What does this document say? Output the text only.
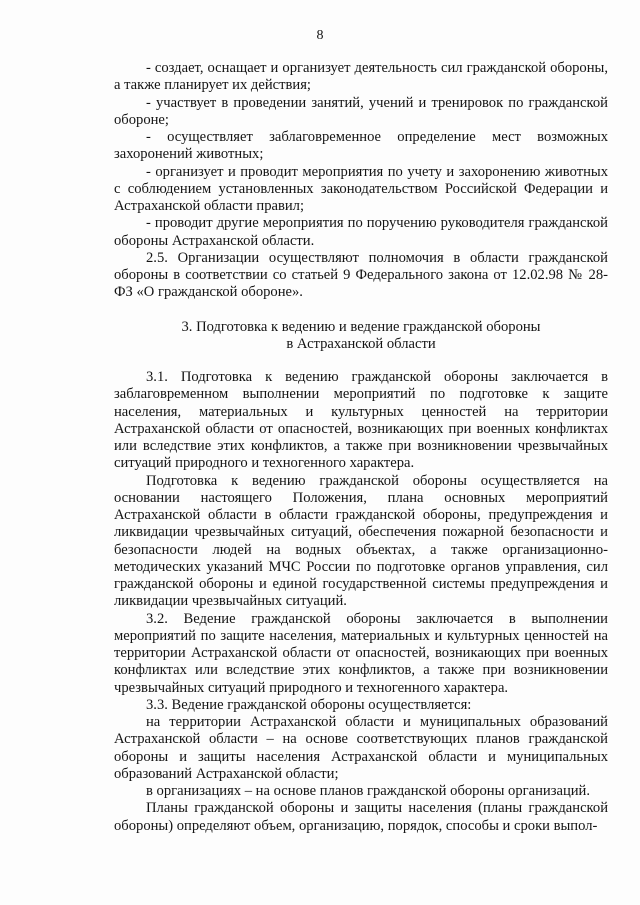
8

- создает, оснащает и организует деятельность сил гражданской обороны, а также планирует их действия;

- участвует в проведении занятий, учений и тренировок по гражданской обороне;

- осуществляет заблаговременное определение мест возможных захоронений животных;

- организует и проводит мероприятия по учету и захоронению животных с соблюдением установленных законодательством Российской Федерации и Астраханской области правил;

- проводит другие мероприятия по поручению руководителя гражданской обороны Астраханской области.

2.5. Организации осуществляют полномочия в области гражданской обороны в соответствии со статьей 9 Федерального закона от 12.02.98 № 28-ФЗ «О гражданской обороне».

3. Подготовка к ведению и ведение гражданской обороны
в Астраханской области

3.1. Подготовка к ведению гражданской обороны заключается в заблаговременном выполнении мероприятий по подготовке к защите населения, материальных и культурных ценностей на территории Астраханской области от опасностей, возникающих при военных конфликтах или вследствие этих конфликтов, а также при возникновении чрезвычайных ситуаций природного и техногенного характера.

Подготовка к ведению гражданской обороны осуществляется на основании настоящего Положения, плана основных мероприятий Астраханской области в области гражданской обороны, предупреждения и ликвидации чрезвычайных ситуаций, обеспечения пожарной безопасности и безопасности людей на водных объектах, а также организационно-методических указаний МЧС России по подготовке органов управления, сил гражданской обороны и единой государственной системы предупреждения и ликвидации чрезвычайных ситуаций.

3.2. Ведение гражданской обороны заключается в выполнении мероприятий по защите населения, материальных и культурных ценностей на территории Астраханской области от опасностей, возникающих при военных конфликтах или вследствие этих конфликтов, а также при возникновении чрезвычайных ситуаций природного и техногенного характера.

3.3. Ведение гражданской обороны осуществляется:

на территории Астраханской области и муниципальных образований Астраханской области – на основе соответствующих планов гражданской обороны и защиты населения Астраханской области и муниципальных образований Астраханской области;

в организациях – на основе планов гражданской обороны организаций.

Планы гражданской обороны и защиты населения (планы гражданской обороны) определяют объем, организацию, порядок, способы и сроки выпол-
